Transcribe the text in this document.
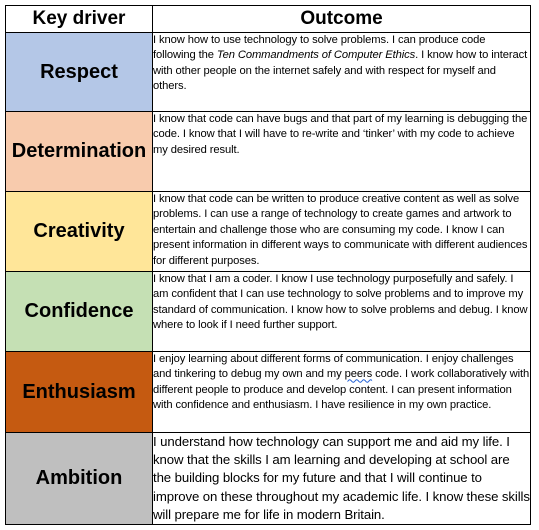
Key driver	Outcome
Respect	I know how to use technology to solve problems. I can produce code following the Ten Commandments of Computer Ethics. I know how to interact with other people on the internet safely and with respect for myself and others.
Determination	I know that code can have bugs and that part of my learning is debugging the code. I know that I will have to re-write and ‘tinker’ with my code to achieve my desired result.
Creativity	I know that code can be written to produce creative content as well as solve problems. I can use a range of technology to create games and artwork to entertain and challenge those who are consuming my code. I know I can present information in different ways to communicate with different audiences for different purposes.
Confidence	I know that I am a coder. I know I use technology purposefully and safely. I am confident that I can use technology to solve problems and to improve my standard of communication. I know how to solve problems and debug. I know where to look if I need further support.
Enthusiasm	I enjoy learning about different forms of communication. I enjoy challenges and tinkering to debug my own and my peers code. I work collaboratively with different people to produce and develop content. I can present information with confidence and enthusiasm. I have resilience in my own practice.
Ambition	I understand how technology can support me and aid my life. I know that the skills I am learning and developing at school are the building blocks for my future and that I will continue to improve on these throughout my academic life. I know these skills will prepare me for life in modern Britain.
